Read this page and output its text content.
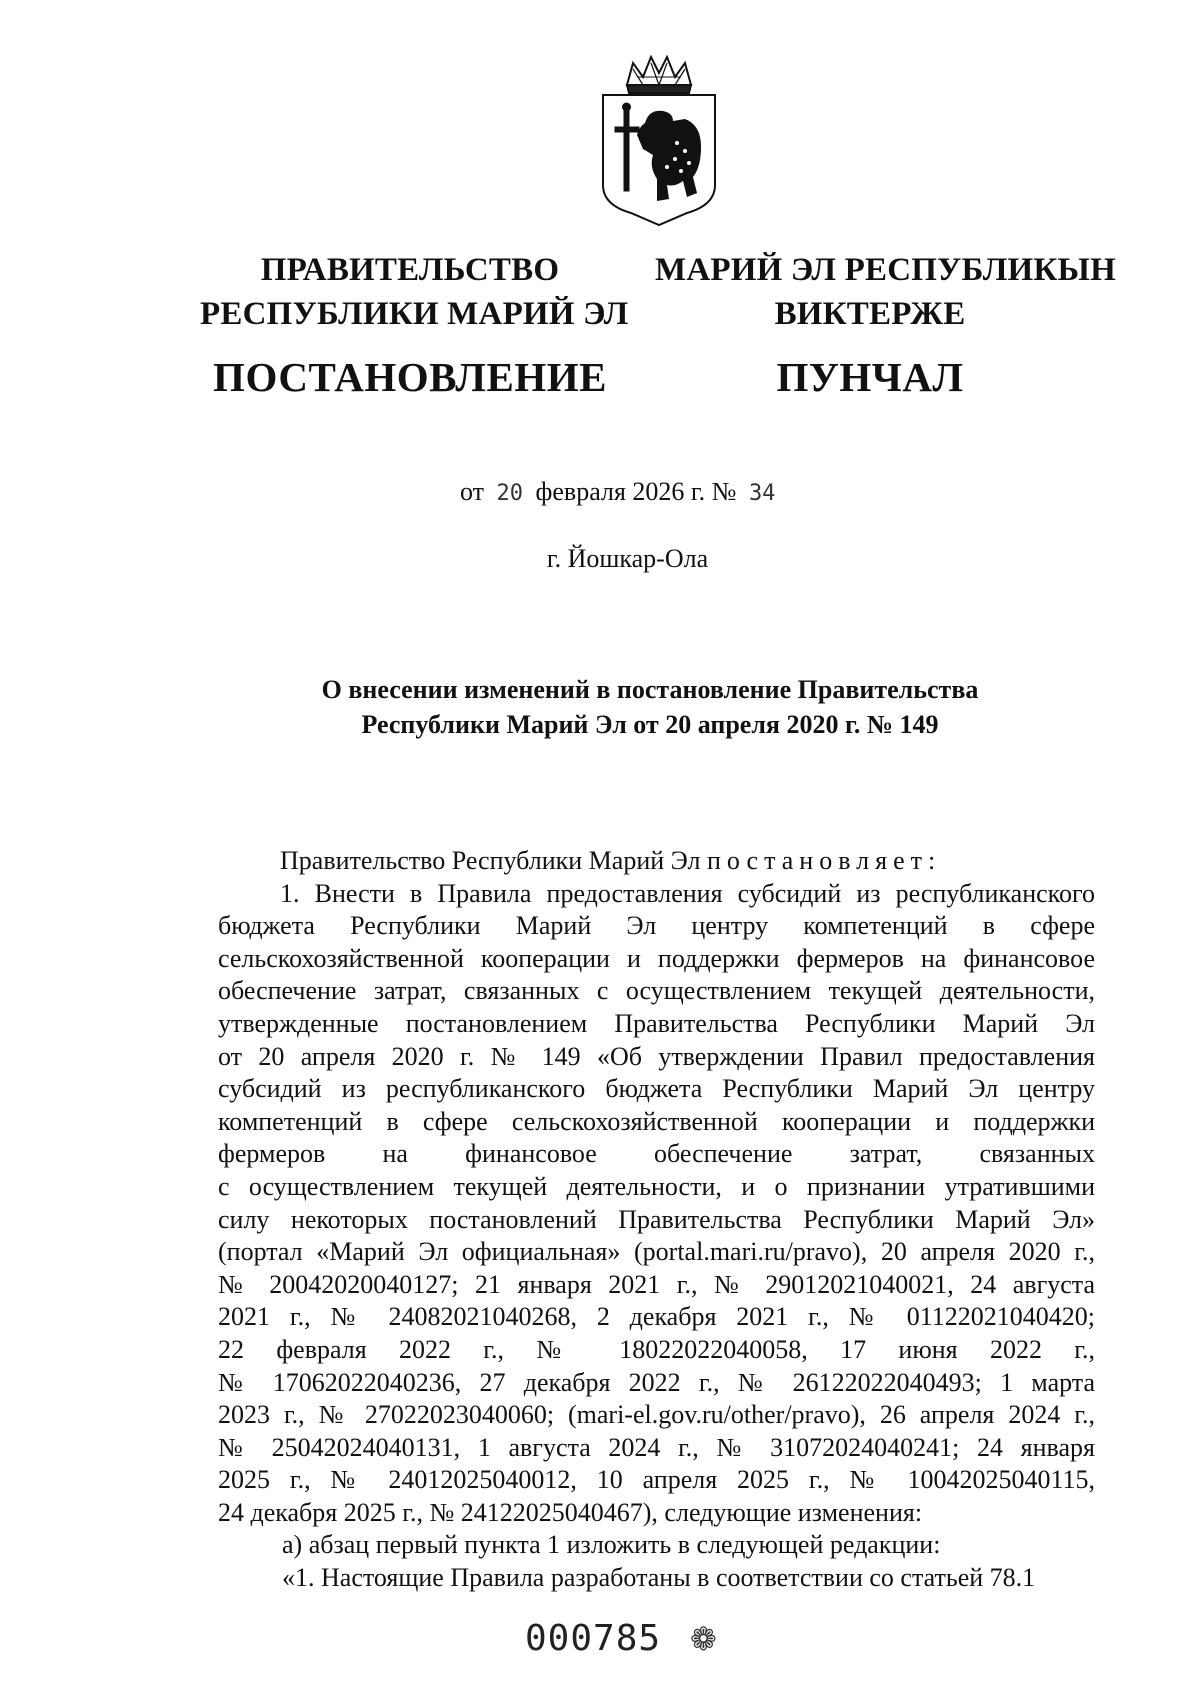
ПРАВИТЕЛЬСТВО
РЕСПУБЛИКИ МАРИЙ ЭЛ
ПОСТАНОВЛЕНИЕ
МАРИЙ ЭЛ РЕСПУБЛИКЫН
ВИКТЕРЖЕ
ПУНЧАЛ
от 20 февраля 2026 г. № 34
г. Йошкар-Ола
О внесении изменений в постановление Правительства
Республики Марий Эл от 20 апреля 2020 г. № 149

Правительство Республики Марий Эл постановляет:

1. Внести в Правила предоставления субсидий из республиканского

бюджета Республики Марий Эл центру компетенций в сфере

сельскохозяйственной кооперации и поддержки фермеров на финансовое

обеспечение затрат, связанных с осуществлением текущей деятельности,

утвержденные постановлением Правительства Республики Марий Эл

от 20 апреля 2020 г. № 149 «Об утверждении Правил предоставления

субсидий из республиканского бюджета Республики Марий Эл центру

компетенций в сфере сельскохозяйственной кооперации и поддержки

фермеров на финансовое обеспечение затрат, связанных

с осуществлением текущей деятельности, и о признании утратившими

силу некоторых постановлений Правительства Республики Марий Эл»

(портал «Марий Эл официальная» (portal.mari.ru/pravo), 20 апреля 2020 г.,

№ 20042020040127; 21 января 2021 г., № 29012021040021, 24 августа

2021 г., № 24082021040268, 2 декабря 2021 г., № 01122021040420;

22 февраля 2022 г., № 18022022040058, 17 июня 2022 г.,

№ 17062022040236, 27 декабря 2022 г., № 26122022040493; 1 марта

2023 г., № 27022023040060; (mari-el.gov.ru/other/pravo), 26 апреля 2024 г.,

№ 25042024040131, 1 августа 2024 г., № 31072024040241; 24 января

2025 г., № 24012025040012, 10 апреля 2025 г., № 10042025040115,

24 декабря 2025 г., № 24122025040467), следующие изменения:

а) абзац первый пункта 1 изложить в следующей редакции:

«1. Настоящие Правила разработаны в соответствии со статьей 78.1

000785 ❁
